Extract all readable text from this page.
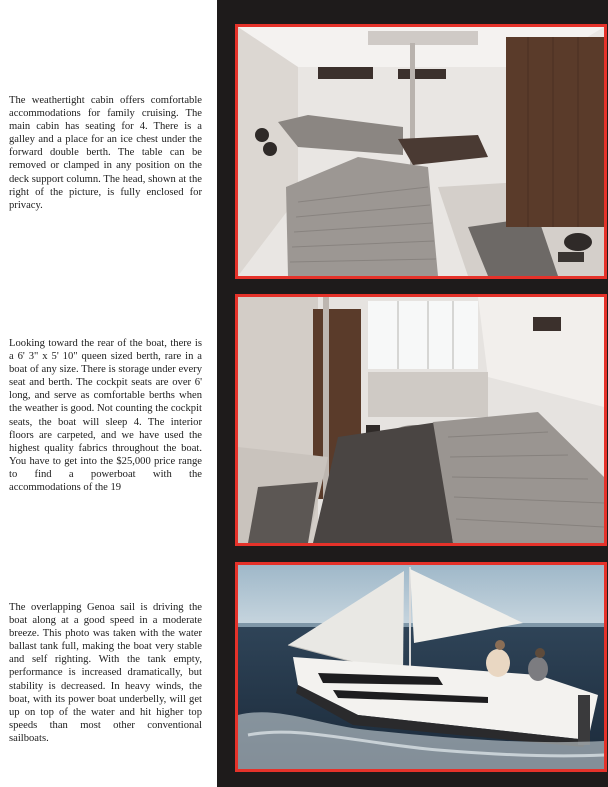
The weathertight cabin offers comfortable accommodations for family cruising. The main cabin has seating for 4. There is a galley and a place for an ice chest under the forward double berth. The table can be removed or clamped in any position on the deck support column. The head, shown at the right of the picture, is fully enclosed for privacy.

Looking toward the rear of the boat, there is a 6' 3" x 5' 10" queen sized berth, rare in a boat of any size. There is storage under every seat and berth. The cockpit seats are over 6' long, and serve as comfortable berths when the weather is good. Not counting the cockpit seats, the boat will sleep 4. The interior floors are carpeted, and we have used the highest quality fabrics throughout the boat. You have to get into the $25,000 price range to find a powerboat with the accommodations of the 19

The overlapping Genoa sail is driving the boat along at a good speed in a moderate breeze. This photo was taken with the water ballast tank full, making the boat very stable and self righting. With the tank empty, performance is increased dramatically, but stability is decreased. In heavy winds, the boat, with its power boat underbelly, will get up on top of the water and hit higher top speeds than most other conventional sailboats.
